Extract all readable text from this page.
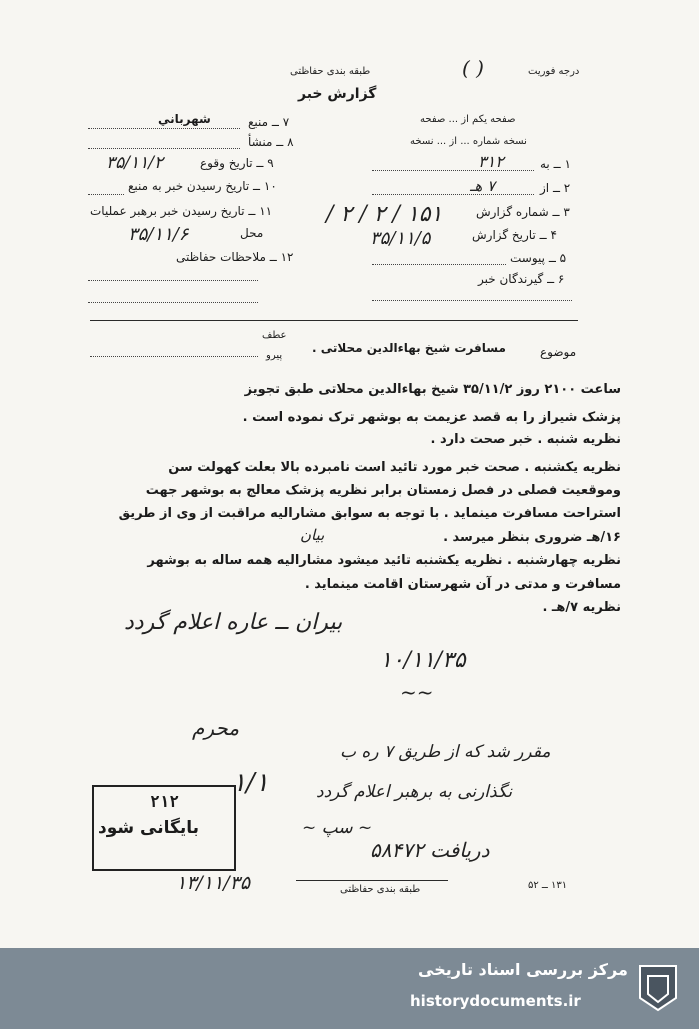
طبقه بندی حفاظتی
گزارش خبر
درجه فوریت
( )
۷ ــ منبع
شهرباني
۸ ــ منشأ
۹ ــ تاریخ وقوع
۳۵/۱۱/۲
۱۰ ــ تاریخ رسیدن خبر به منبع
۱۱ ــ تاریخ رسیدن خبر برهبر عملیات
محل
۳۵/۱۱/۶
۱۲ ــ ملاحظات حفاظتی
صفحه یکم از ... صفحه
نسخه شماره ... از ... نسخه
۱ ــ به
۳۱۲
۲ ــ از
۷ هـ
۳ ــ شماره گزارش
۴ ــ تاریخ گزارش
۱۵۱ / ۲ / ۲ /
۳۵/۱۱/۵
۵ ــ پیوست
۶ ــ گیرندگان خبر
موضوع
مسافرت شیخ بهاءالدین محلاتی .
عطف
پیرو
ساعت ۲۱۰۰ روز ۳۵/۱۱/۲ شیخ بهاءالدین محلاتی طبق تجویز
پزشک شیراز را به قصد عزیمت به بوشهر ترک نموده است .
نظریه شنبه . خبر صحت دارد .
نظریه یکشنبه . صحت خبر مورد تائید است نامبرده بالا بعلت کهولت سن
وموقعیت فصلی در فصل زمستان برابر نظریه پزشک معالج به بوشهر جهت
استراحت مسافرت مینماید . با توجه به سوابق مشارالیه مراقبت از وی از طریق
۱۶/هـ ضروری بنظر میرسد .
نظریه چهارشنبه . نظریه یکشنبه تائید میشود مشارالیه همه ساله به بوشهر
مسافرت و مدتی در آن شهرستان اقامت مینماید .
نظریه ۷/هـ .
بیان
بیران ــ عاره اعلام گردد
۱۰/۱۱/۳۵
~~
محرم
مقرر شد که از طریق ۷ ره ب
۱/۱	نگذارنی به برهبر اعلام گردد
~ سپ ~
دریافت ۵۸۴۷۲
۱۳/۱۱/۳۵
۲۱۲
بایگانی شود
طبقه بندی حفاظتی	۱۳۱ ــ ۵۲
مرکز بررسی اسناد تاریخی
historydocuments.ir
